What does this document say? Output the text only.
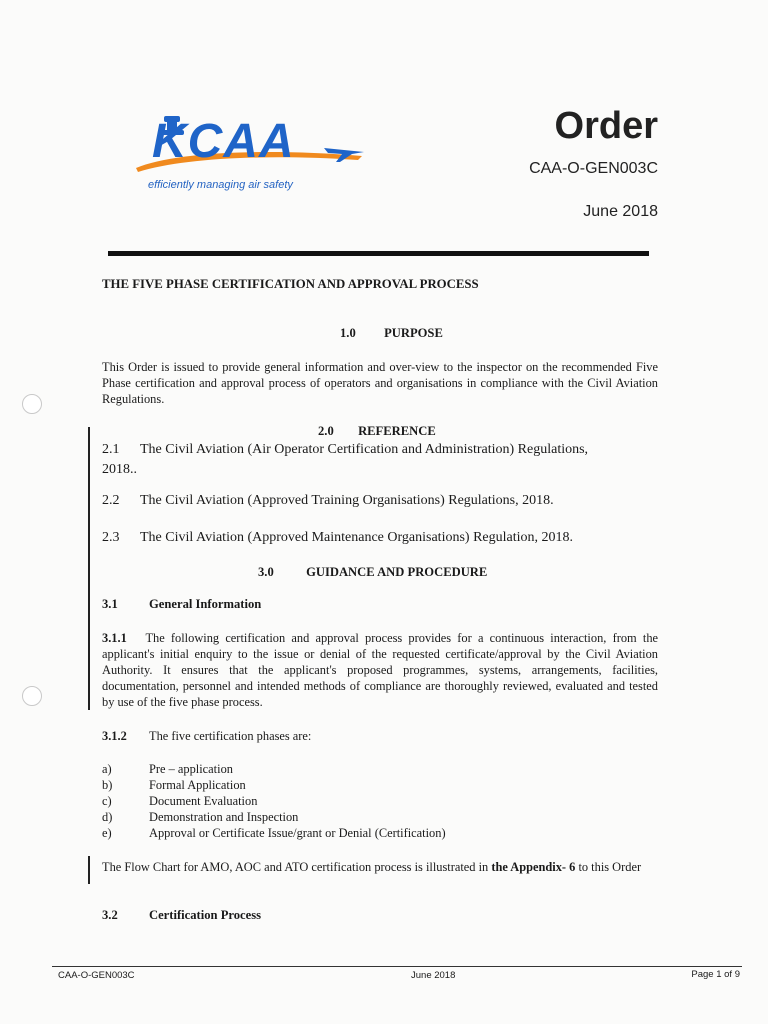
KCAA
efficiently managing air safety
Order
CAA-O-GEN003C
June 2018
THE FIVE PHASE CERTIFICATION AND APPROVAL PROCESS
1.0 PURPOSE
This Order is issued to provide general information and over-view to the inspector on the recommended Five Phase certification and approval process of operators and organisations in compliance with the Civil Aviation Regulations.
2.0 REFERENCE
2.1	The Civil Aviation (Air Operator Certification and Administration) Regulations,
2018..
2.2 The Civil Aviation (Approved Training Organisations) Regulations, 2018.
2.3 The Civil Aviation (Approved Maintenance Organisations) Regulation, 2018.
3.0	GUIDANCE AND PROCEDURE
3.1 General Information
3.1.1 The following certification and approval process provides for a continuous interaction, from the applicant's initial enquiry to the issue or denial of the requested certificate/approval by the Civil Aviation Authority. It ensures that the applicant's proposed programmes, systems, arrangements, facilities, documentation, personnel and intended methods of compliance are thoroughly reviewed, evaluated and tested by use of the five phase process.
3.1.2 The five certification phases are:
a)	Pre – application
b)	Formal Application
c)	Document Evaluation
d)	Demonstration and Inspection
e)	Approval or Certificate Issue/grant or Denial (Certification)
The Flow Chart for AMO, AOC and ATO certification process is illustrated in the Appendix- 6 to this Order
3.2 Certification Process
CAA-O-GEN003C	June 2018	Page 1 of 9
